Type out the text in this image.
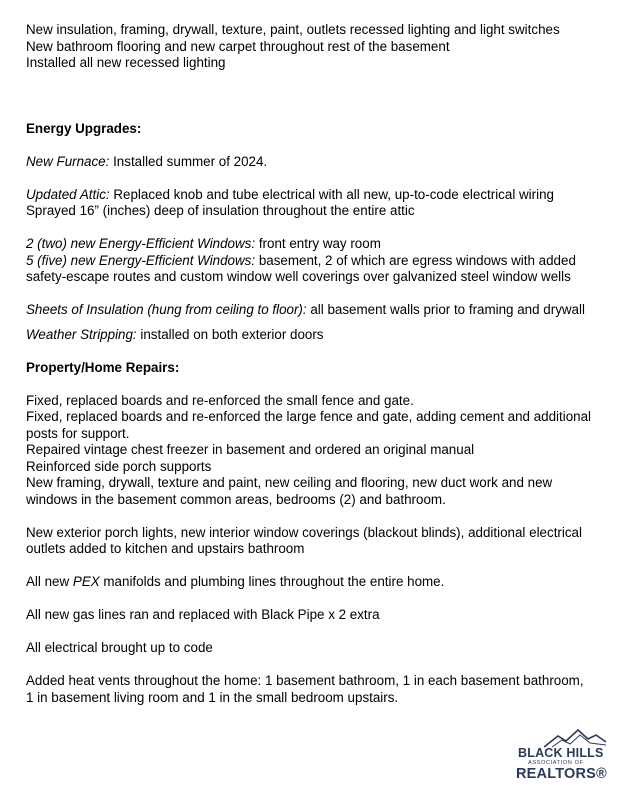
New insulation, framing, drywall, texture, paint, outlets recessed lighting and light switches
New bathroom flooring and new carpet throughout rest of the basement
Installed all new recessed lighting
Energy Upgrades:
New Furnace: Installed summer of 2024.
Updated Attic: Replaced knob and tube electrical with all new, up-to-code electrical wiring Sprayed 16” (inches) deep of insulation throughout the entire attic
2 (two) new Energy-Efficient Windows: front entry way room
5 (five) new Energy-Efficient Windows: basement, 2 of which are egress windows with added safety-escape routes and custom window well coverings over galvanized steel window wells
Sheets of Insulation (hung from ceiling to floor): all basement walls prior to framing and drywall
Weather Stripping: installed on both exterior doors
Property/Home Repairs:
Fixed, replaced boards and re-enforced the small fence and gate.
Fixed, replaced boards and re-enforced the large fence and gate, adding cement and additional posts for support.
Repaired vintage chest freezer in basement and ordered an original manual
Reinforced side porch supports
New framing, drywall, texture and paint, new ceiling and flooring, new duct work and new windows in the basement common areas, bedrooms (2) and bathroom.
New exterior porch lights, new interior window coverings (blackout blinds), additional electrical outlets added to kitchen and upstairs bathroom
All new PEX manifolds and plumbing lines throughout the entire home.
All new gas lines ran and replaced with Black Pipe x 2 extra
All electrical brought up to code
Added heat vents throughout the home: 1 basement bathroom, 1 in each basement bathroom, 1 in basement living room and 1 in the small bedroom upstairs.
BLACK HILLS
ASSOCIATION OF
REALTORS®
